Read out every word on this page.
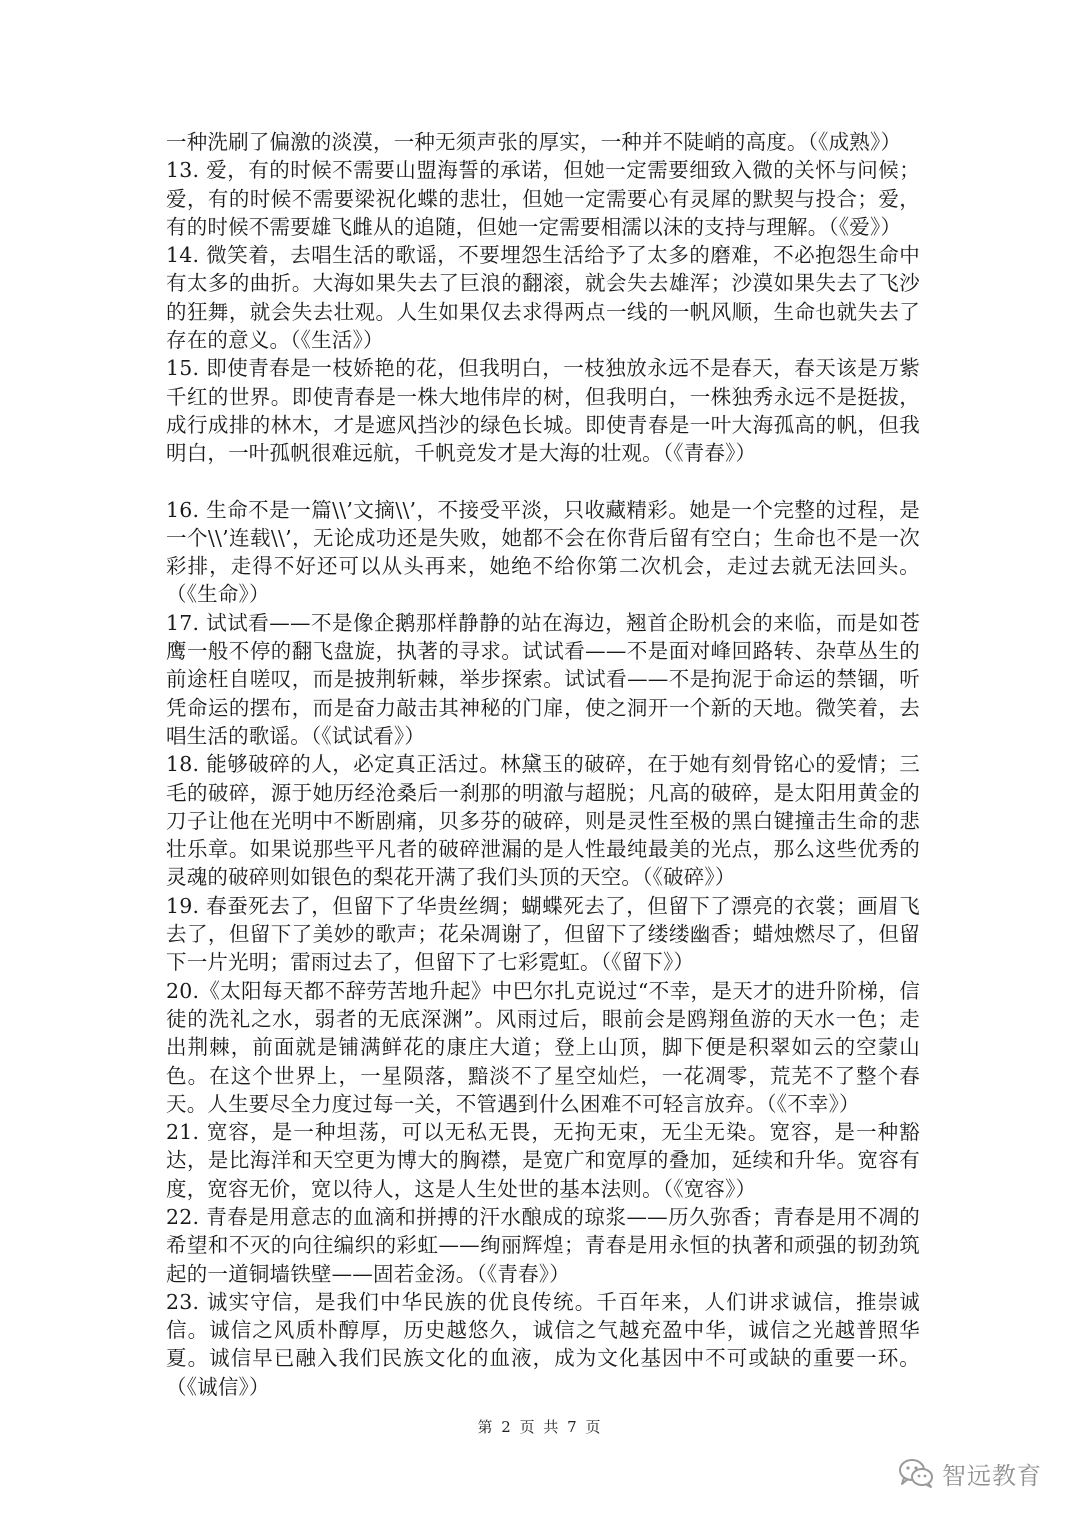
一种洗刷了偏激的淡漠，一种无须声张的厚实，一种并不陡峭的高度。（《成熟》）

13. 爱，有的时候不需要山盟海誓的承诺，但她一定需要细致入微的关怀与问候；爱，有的时候不需要梁祝化蝶的悲壮，但她一定需要心有灵犀的默契与投合；爱，有的时候不需要雄飞雌从的追随，但她一定需要相濡以沫的支持与理解。（《爱》）

14. 微笑着，去唱生活的歌谣，不要埋怨生活给予了太多的磨难，不必抱怨生命中有太多的曲折。大海如果失去了巨浪的翻滚，就会失去雄浑；沙漠如果失去了飞沙的狂舞，就会失去壮观。人生如果仅去求得两点一线的一帆风顺，生命也就失去了存在的意义。（《生活》）

15. 即使青春是一枝娇艳的花，但我明白，一枝独放永远不是春天，春天该是万紫千红的世界。即使青春是一株大地伟岸的树，但我明白，一株独秀永远不是挺拔，成行成排的林木，才是遮风挡沙的绿色长城。即使青春是一叶大海孤高的帆，但我明白，一叶孤帆很难远航，千帆竞发才是大海的壮观。（《青春》）

16. 生命不是一篇\\’文摘\\’，不接受平淡，只收藏精彩。她是一个完整的过程，是一个\\’连载\\’，无论成功还是失败，她都不会在你背后留有空白；生命也不是一次彩排，走得不好还可以从头再来，她绝不给你第二次机会，走过去就无法回头。（《生命》）

17. 试试看——不是像企鹅那样静静的站在海边，翘首企盼机会的来临，而是如苍鹰一般不停的翻飞盘旋，执著的寻求。试试看——不是面对峰回路转、杂草丛生的前途枉自嗟叹，而是披荆斩棘，举步探索。试试看——不是拘泥于命运的禁锢，听凭命运的摆布，而是奋力敲击其神秘的门扉，使之洞开一个新的天地。微笑着，去唱生活的歌谣。（《试试看》）

18. 能够破碎的人，必定真正活过。林黛玉的破碎，在于她有刻骨铭心的爱情；三毛的破碎，源于她历经沧桑后一刹那的明澈与超脱；凡高的破碎，是太阳用黄金的刀子让他在光明中不断剧痛，贝多芬的破碎，则是灵性至极的黑白键撞击生命的悲壮乐章。如果说那些平凡者的破碎泄漏的是人性最纯最美的光点，那么这些优秀的灵魂的破碎则如银色的梨花开满了我们头顶的天空。（《破碎》）

19. 春蚕死去了，但留下了华贵丝绸；蝴蝶死去了，但留下了漂亮的衣裳；画眉飞去了，但留下了美妙的歌声；花朵凋谢了，但留下了缕缕幽香；蜡烛燃尽了，但留下一片光明；雷雨过去了，但留下了七彩霓虹。（《留下》）

20.《太阳每天都不辞劳苦地升起》中巴尔扎克说过“不幸，是天才的进升阶梯，信徒的洗礼之水，弱者的无底深渊”。风雨过后，眼前会是鸥翔鱼游的天水一色；走出荆棘，前面就是铺满鲜花的康庄大道；登上山顶，脚下便是积翠如云的空蒙山色。在这个世界上，一星陨落，黯淡不了星空灿烂，一花凋零，荒芜不了整个春天。人生要尽全力度过每一关，不管遇到什么困难不可轻言放弃。（《不幸》）

21. 宽容，是一种坦荡，可以无私无畏，无拘无束，无尘无染。宽容，是一种豁达，是比海洋和天空更为博大的胸襟，是宽广和宽厚的叠加，延续和升华。宽容有度，宽容无价，宽以待人，这是人生处世的基本法则。（《宽容》）

22. 青春是用意志的血滴和拼搏的汗水酿成的琼浆——历久弥香；青春是用不凋的希望和不灭的向往编织的彩虹——绚丽辉煌；青春是用永恒的执著和顽强的韧劲筑起的一道铜墙铁壁——固若金汤。（《青春》）

23. 诚实守信，是我们中华民族的优良传统。千百年来，人们讲求诚信，推崇诚信。诚信之风质朴醇厚，历史越悠久，诚信之气越充盈中华，诚信之光越普照华夏。诚信早已融入我们民族文化的血液，成为文化基因中不可或缺的重要一环。（《诚信》）

第 2 页 共 7 页
智远教育
